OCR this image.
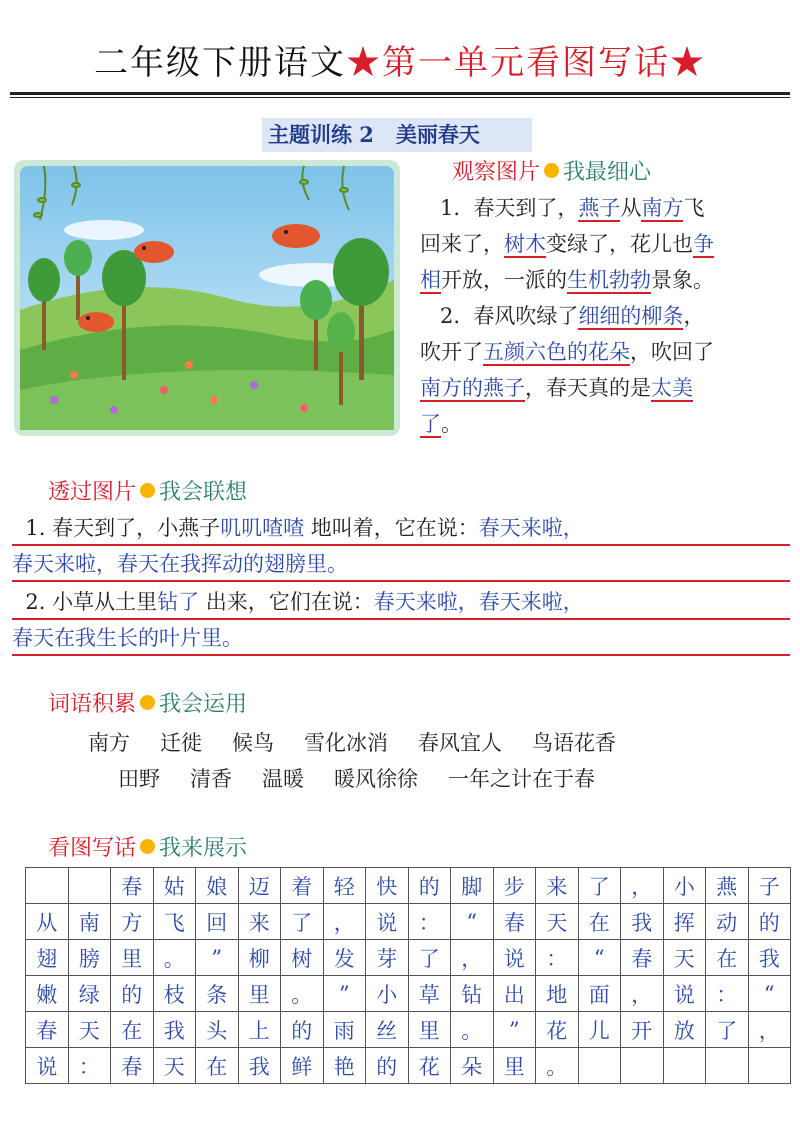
二年级下册语文★第一单元看图写话★
主题训练 2 美丽春天
观察图片 我最细心
1. 春天到了，燕子从南方飞
回来了，树木变绿了，花儿也争
相开放，一派的生机勃勃景象。
2. 春风吹绿了细细的柳条，
吹开了五颜六色的花朵，吹回了
南方的燕子，春天真的是太美
了。
透过图片 我会联想
1. 春天到了，小燕子叽叽喳喳 地叫着，它在说：春天来啦，
春天来啦，春天在我挥动的翅膀里。
2. 小草从土里钻了 出来，它们在说：春天来啦，春天来啦，
春天在我生长的叶片里。
词语积累 我会运用
南方 迁徙 候鸟 雪化冰消 春风宜人 鸟语花香
田野 清香 温暖 暖风徐徐 一年之计在于春
看图写话 我来展示
		春	姑	娘	迈	着	轻	快	的	脚	步	来	了	，	小	燕	子
从	南	方	飞	回	来	了	，	说	：	“	春	天	在	我	挥	动	的
翅	膀	里	。	”	柳	树	发	芽	了	，	说	：	“	春	天	在	我
嫩	绿	的	枝	条	里	。	”	小	草	钻	出	地	面	，	说	：	“
春	天	在	我	头	上	的	雨	丝	里	。	”	花	儿	开	放	了	，
说	：	春	天	在	我	鲜	艳	的	花	朵	里	。					
